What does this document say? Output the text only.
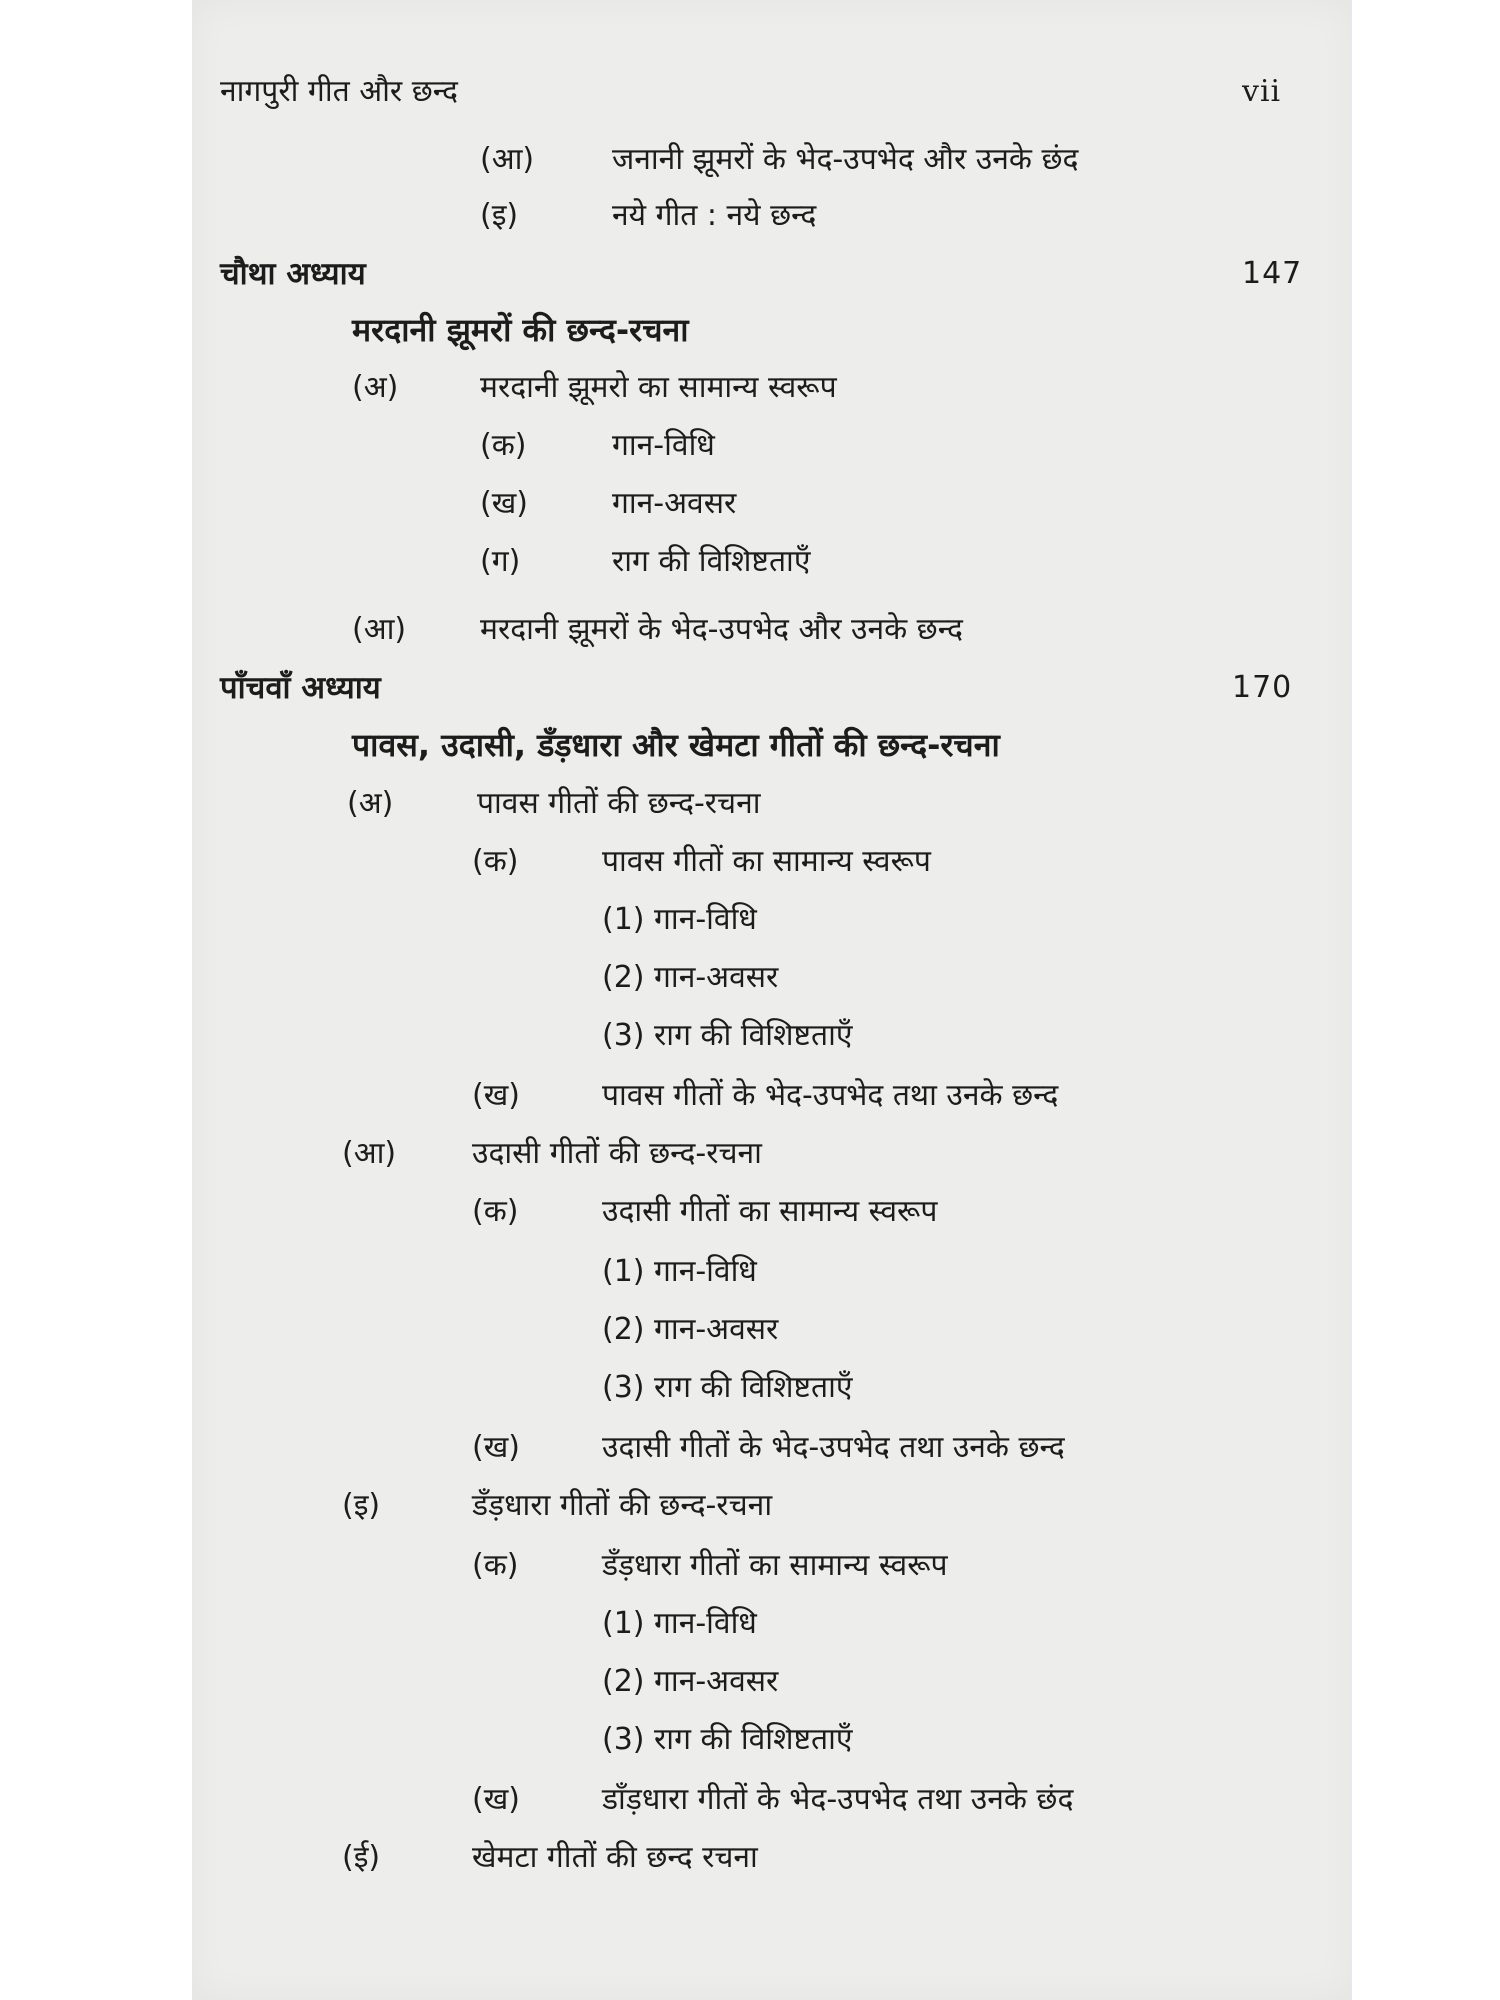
नागपुरी गीत और छन्द	vii
(आ)	जनानी झूमरों के भेद-उपभेद और उनके छंद
(इ)	नये गीत : नये छन्द
चौथा अध्याय	147
मरदानी झूमरों की छन्द-रचना
(अ)	मरदानी झूमरो का सामान्य स्वरूप
(क)	गान-विधि
(ख)	गान-अवसर
(ग)	राग की विशिष्टताएँ
(आ) मरदानी झूमरों के भेद-उपभेद और उनके छन्द
पाँचवाँ अध्याय	170
पावस, उदासी, डँड़धारा और खेमटा गीतों की छन्द-रचना
(अ)	पावस गीतों की छन्द-रचना
(क)	पावस गीतों का सामान्य स्वरूप
(1) गान-विधि
(2) गान-अवसर
(3) राग की विशिष्टताएँ
(ख)	पावस गीतों के भेद-उपभेद तथा उनके छन्द
(आ)	उदासी गीतों की छन्द-रचना
(क)	उदासी गीतों का सामान्य स्वरूप
(1) गान-विधि
(2) गान-अवसर
(3) राग की विशिष्टताएँ
(ख)	उदासी गीतों के भेद-उपभेद तथा उनके छन्द
(इ)	डँड़धारा गीतों की छन्द-रचना
(क)	डँड़धारा गीतों का सामान्य स्वरूप
(1) गान-विधि
(2) गान-अवसर
(3) राग की विशिष्टताएँ
(ख)	डाँड़धारा गीतों के भेद-उपभेद तथा उनके छंद
(ई)	खेमटा गीतों की छन्द रचना
